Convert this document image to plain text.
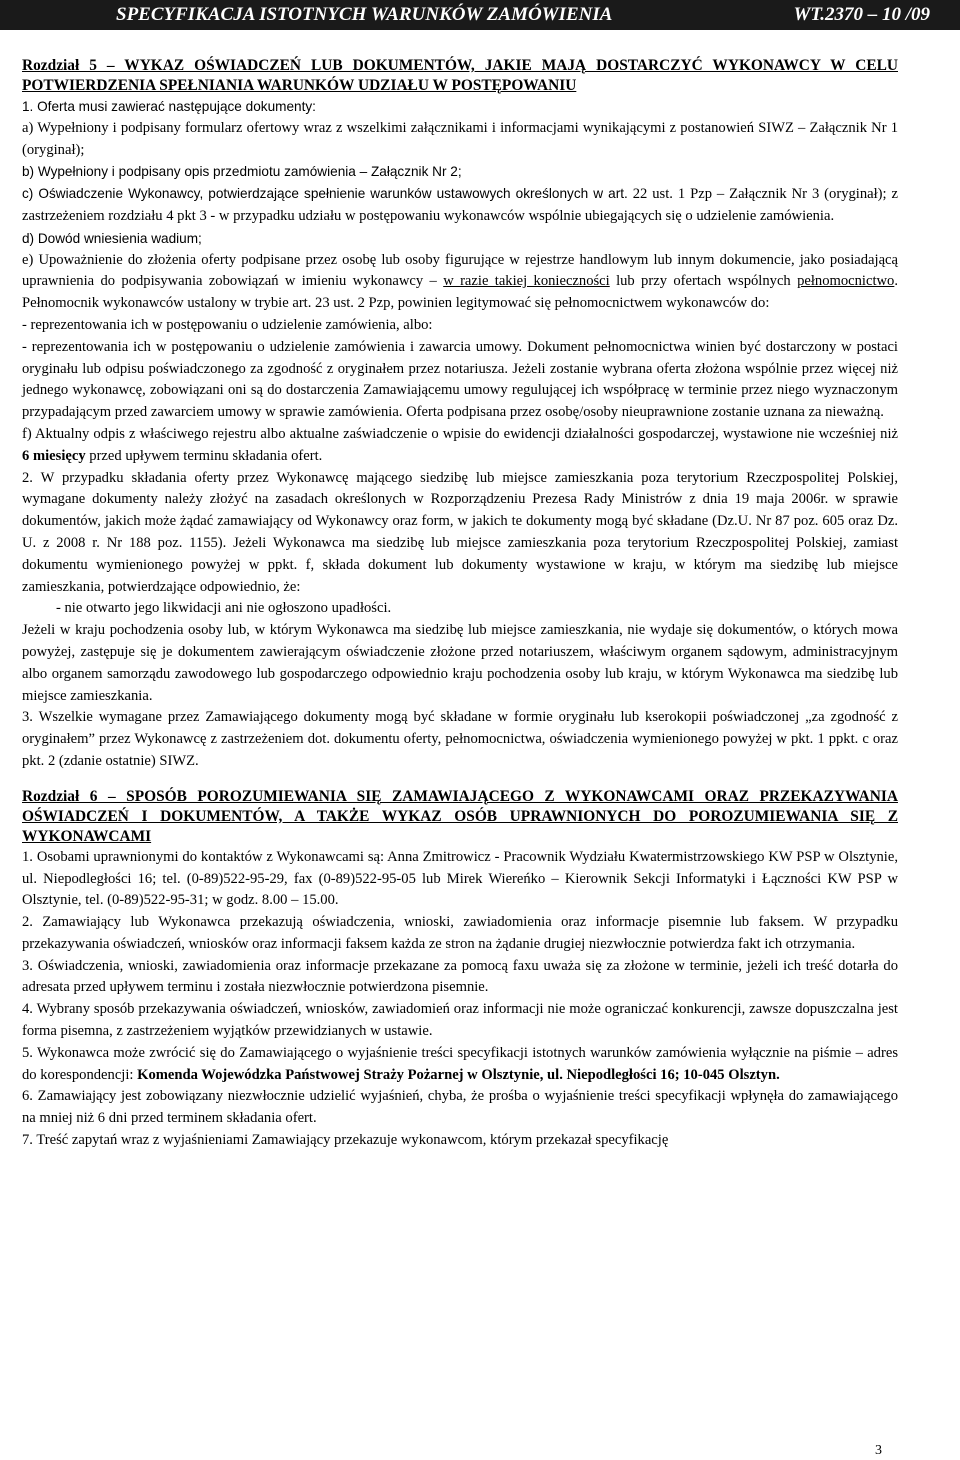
SPECYFIKACJA ISTOTNYCH WARUNKÓW ZAMÓWIENIA	WT.2370 – 10 /09

Rozdział 5 – WYKAZ OŚWIADCZEŃ LUB DOKUMENTÓW, JAKIE MAJĄ DOSTARCZYĆ WYKONAWCY W CELU POTWIERDZENIA SPEŁNIANIA WARUNKÓW UDZIAŁU W POSTĘPOWANIU

1. Oferta musi zawierać następujące dokumenty:

a) Wypełniony i podpisany formularz ofertowy wraz z wszelkimi załącznikami i informacjami wynikającymi z postanowień SIWZ – Załącznik Nr 1 (oryginał);

b) Wypełniony i podpisany opis przedmiotu zamówienia – Załącznik Nr 2;

c) Oświadczenie Wykonawcy, potwierdzające spełnienie warunków ustawowych określonych w art. 22 ust. 1 Pzp – Załącznik Nr 3 (oryginał); z zastrzeżeniem rozdziału 4 pkt 3 - w przypadku udziału w postępowaniu wykonawców wspólnie ubiegających się o udzielenie zamówienia.

d) Dowód wniesienia wadium;

e) Upoważnienie do złożenia oferty podpisane przez osobę lub osoby figurujące w rejestrze handlowym lub innym dokumencie, jako posiadającą uprawnienia do podpisywania zobowiązań w imieniu wykonawcy – w razie takiej konieczności lub przy ofertach wspólnych pełnomocnictwo. Pełnomocnik wykonawców ustalony w trybie art. 23 ust. 2 Pzp, powinien legitymować się pełnomocnictwem wykonawców do:

- reprezentowania ich w postępowaniu o udzielenie zamówienia, albo:

- reprezentowania ich w postępowaniu o udzielenie zamówienia i zawarcia umowy. Dokument pełnomocnictwa winien być dostarczony w postaci oryginału lub odpisu poświadczonego za zgodność z oryginałem przez notariusza. Jeżeli zostanie wybrana oferta złożona wspólnie przez więcej niż jednego wykonawcę, zobowiązani oni są do dostarczenia Zamawiającemu umowy regulującej ich współpracę w terminie przez niego wyznaczonym przypadającym przed zawarciem umowy w sprawie zamówienia. Oferta podpisana przez osobę/osoby nieuprawnione zostanie uznana za nieważną.

f) Aktualny odpis z właściwego rejestru albo aktualne zaświadczenie o wpisie do ewidencji działalności gospodarczej, wystawione nie wcześniej niż 6 miesięcy przed upływem terminu składania ofert.

2. W przypadku składania oferty przez Wykonawcę mającego siedzibę lub miejsce zamieszkania poza terytorium Rzeczpospolitej Polskiej, wymagane dokumenty należy złożyć na zasadach określonych w Rozporządzeniu Prezesa Rady Ministrów z dnia 19 maja 2006r. w sprawie dokumentów, jakich może żądać zamawiający od Wykonawcy oraz form, w jakich te dokumenty mogą być składane (Dz.U. Nr 87 poz. 605 oraz Dz. U. z 2008 r. Nr 188 poz. 1155). Jeżeli Wykonawca ma siedzibę lub miejsce zamieszkania poza terytorium Rzeczpospolitej Polskiej, zamiast dokumentu wymienionego powyżej w ppkt. f, składa dokument lub dokumenty wystawione w kraju, w którym ma siedzibę lub miejsce zamieszkania, potwierdzające odpowiednio, że:

- nie otwarto jego likwidacji ani nie ogłoszono upadłości.

Jeżeli w kraju pochodzenia osoby lub, w którym Wykonawca ma siedzibę lub miejsce zamieszkania, nie wydaje się dokumentów, o których mowa powyżej, zastępuje się je dokumentem zawierającym oświadczenie złożone przed notariuszem, właściwym organem sądowym, administracyjnym albo organem samorządu zawodowego lub gospodarczego odpowiednio kraju pochodzenia osoby lub kraju, w którym Wykonawca ma siedzibę lub miejsce zamieszkania.

3. Wszelkie wymagane przez Zamawiającego dokumenty mogą być składane w formie oryginału lub kserokopii poświadczonej „za zgodność z oryginałem” przez Wykonawcę z zastrzeżeniem dot. dokumentu oferty, pełnomocnictwa, oświadczenia wymienionego powyżej w pkt. 1 ppkt. c oraz pkt. 2 (zdanie ostatnie) SIWZ.

Rozdział 6 – SPOSÓB POROZUMIEWANIA SIĘ ZAMAWIAJĄCEGO Z WYKONAWCAMI ORAZ PRZEKAZYWANIA OŚWIADCZEŃ I DOKUMENTÓW, A TAKŻE WYKAZ OSÓB UPRAWNIONYCH DO POROZUMIEWANIA SIĘ Z WYKONAWCAMI

1. Osobami uprawnionymi do kontaktów z Wykonawcami są: Anna Zmitrowicz - Pracownik Wydziału Kwatermistrzowskiego KW PSP w Olsztynie, ul. Niepodległości 16; tel. (0-89)522-95-29, fax (0-89)522-95-05 lub Mirek Wiereńko – Kierownik Sekcji Informatyki i Łączności KW PSP w Olsztynie, tel. (0-89)522-95-31; w godz. 8.00 – 15.00.

2. Zamawiający lub Wykonawca przekazują oświadczenia, wnioski, zawiadomienia oraz informacje pisemnie lub faksem. W przypadku przekazywania oświadczeń, wniosków oraz informacji faksem każda ze stron na żądanie drugiej niezwłocznie potwierdza fakt ich otrzymania.

3. Oświadczenia, wnioski, zawiadomienia oraz informacje przekazane za pomocą faxu uważa się za złożone w terminie, jeżeli ich treść dotarła do adresata przed upływem terminu i została niezwłocznie potwierdzona pisemnie.

4. Wybrany sposób przekazywania oświadczeń, wniosków, zawiadomień oraz informacji nie może ograniczać konkurencji, zawsze dopuszczalna jest forma pisemna, z zastrzeżeniem wyjątków przewidzianych w ustawie.

5. Wykonawca może zwrócić się do Zamawiającego o wyjaśnienie treści specyfikacji istotnych warunków zamówienia wyłącznie na piśmie – adres do korespondencji: Komenda Wojewódzka Państwowej Straży Pożarnej w Olsztynie, ul. Niepodległości 16; 10-045 Olsztyn.

6. Zamawiający jest zobowiązany niezwłocznie udzielić wyjaśnień, chyba, że prośba o wyjaśnienie treści specyfikacji wpłynęła do zamawiającego na mniej niż 6 dni przed terminem składania ofert.

7. Treść zapytań wraz z wyjaśnieniami Zamawiający przekazuje wykonawcom, którym przekazał specyfikację

3
